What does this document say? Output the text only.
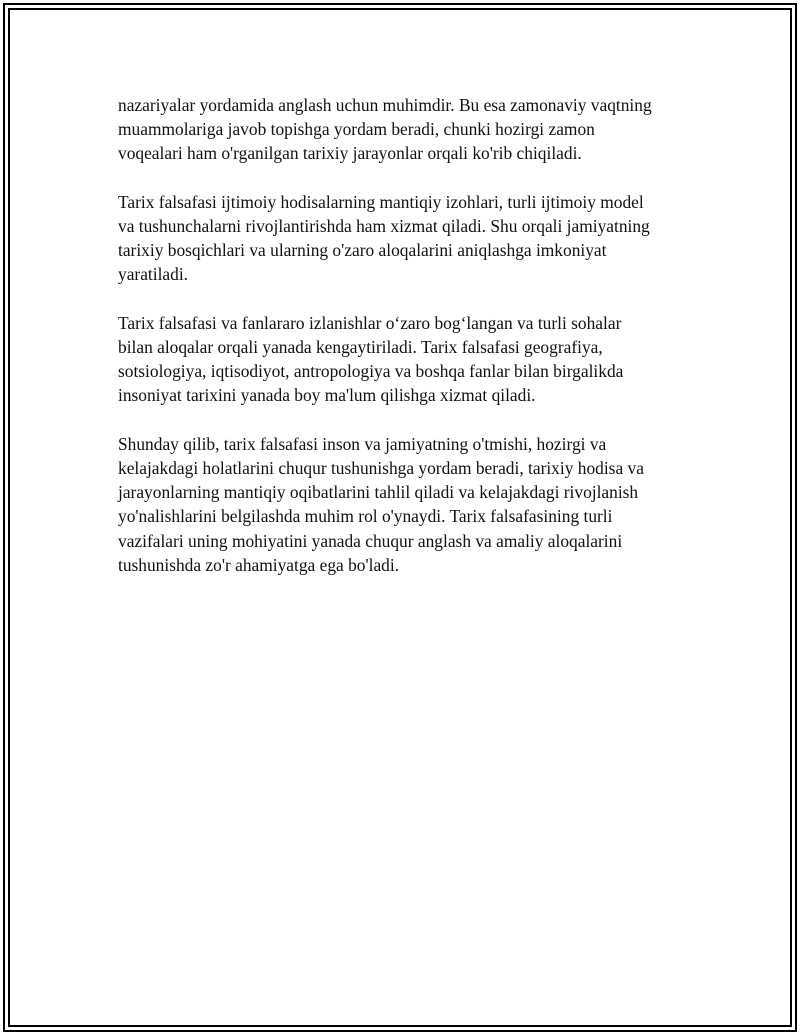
nazariyalar yordamida anglash uchun muhimdir. Bu esa zamonaviy vaqtning
muammolariga javob topishga yordam beradi, chunki hozirgi zamon
voqealari ham o'rganilgan tarixiy jarayonlar orqali ko'rib chiqiladi.

Tarix falsafasi ijtimoiy hodisalarning mantiqiy izohlari, turli ijtimoiy model
va tushunchalarni rivojlantirishda ham xizmat qiladi. Shu orqali jamiyatning
tarixiy bosqichlari va ularning o'zaro aloqalarini aniqlashga imkoniyat
yaratiladi.

Tarix falsafasi va fanlararo izlanishlar o‘zaro bog‘langan va turli sohalar
bilan aloqalar orqali yanada kengaytiriladi. Tarix falsafasi geografiya,
sotsiologiya, iqtisodiyot, antropologiya va boshqa fanlar bilan birgalikda
insoniyat tarixini yanada boy ma'lum qilishga xizmat qiladi.

Shunday qilib, tarix falsafasi inson va jamiyatning o'tmishi, hozirgi va
kelajakdagi holatlarini chuqur tushunishga yordam beradi, tarixiy hodisa va
jarayonlarning mantiqiy oqibatlarini tahlil qiladi va kelajakdagi rivojlanish
yo'nalishlarini belgilashda muhim rol o'ynaydi. Tarix falsafasining turli
vazifalari uning mohiyatini yanada chuqur anglash va amaliy aloqalarini
tushunishda zo'r ahamiyatga ega bo'ladi.
